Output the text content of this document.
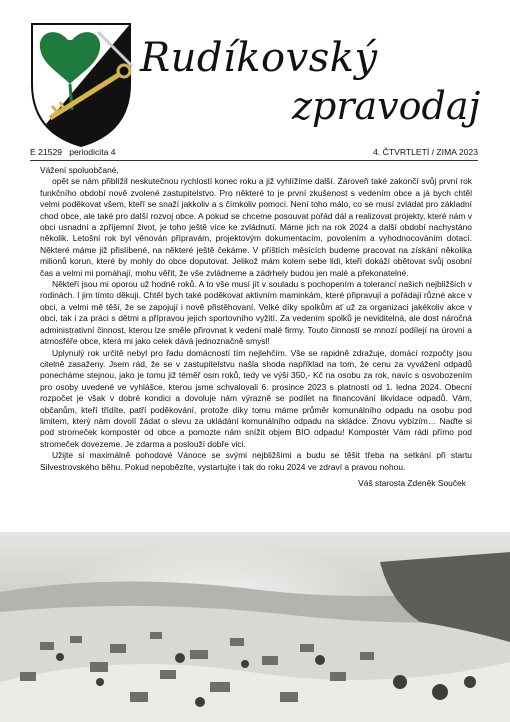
Rudíkovský
zpravodaj
E 21529 periodicita 4	4. ČTVRTLETÍ / ZIMA 2023

Vážení spoluobčané,

opět se nám přiblížil neskutečnou rychlostí konec roku a již vyhlížíme další. Zároveň také zakončí svůj první rok funkčního období nově zvolené zastupitelstvo. Pro některé to je první zkušenost s vedením obce a já bych chtěl velmi poděkovat všem, kteří se snaží jakkoliv a s čímkoliv pomoci. Není toho málo, co se musí zvládat pro základní chod obce, ale také pro další rozvoj obce. A pokud se chceme posouvat pořád dál a realizovat projekty, které nám v obci usnadní a zpříjemní život, je toho ještě více ke zvládnutí. Máme jich na rok 2024 a další období nachystáno několik. Letošní rok byl věnován přípravám, projektovým dokumentacím, povolením a vyhodnocováním dotací. Některé máme již přislíbené, na některé ještě čekáme. V příštích měsících budeme pracovat na získání několika milionů korun, které by mohly do obce doputovat. Jelikož mám kolem sebe lidi, kteří dokáží obětovat svůj osobní čas a velmi mi pomáhají, mohu věřit, že vše zvládneme a zádrhely budou jen malé a překonatelné.

Někteří jsou mi oporou už hodně roků. A to vše musí jít v souladu s pochopením a tolerancí našich nejbližších v rodinách. I jim tímto děkuji. Chtěl bych také poděkovat aktivním maminkám, které připravují a pořádají různé akce v obci, a velmi mě těší, že se zapojují i nově přistěhovaní. Velké díky spolkům ať už za organizaci jakékoliv akce v obci, tak i za práci s dětmi a přípravou jejich sportovního vyžití. Za vedením spolků je neviditelná, ale dost náročná administrativní činnost, kterou lze směle přirovnat k vedení malé firmy. Touto činností se mnozí podílejí na úrovni a atmosféře obce, která mi jako celek dává jednoznačně smysl!

Uplynulý rok určitě nebyl pro řadu domácností tím nejlehčím. Vše se rapidně zdražuje, domácí rozpočty jsou citelně zasaženy. Jsem rád, že se v zastupitelstvu našla shoda například na tom, že cenu za vyvážení odpadů ponecháme stejnou, jako je tomu již téměř osm roků, tedy ve výši 350,- Kč na osobu za rok, navíc s osvobozením pro osoby uvedené ve vyhlášce, kterou jsme schvalovali 6. prosince 2023 s platností od 1. ledna 2024. Obecní rozpočet je však v dobré kondici a dovoluje nám výrazně se podílet na financování likvidace odpadů. Vám, občanům, kteří třídíte, patří poděkování, protože díky tomu máme průměr komunálního odpadu na osobu pod limitem, který nám dovolí žádat o slevu za ukládání komunálního odpadu na skládce. Znovu vybízím… Naďte si pod stromeček kompostér od obce a pomozte nám snížit objem BIO odpadu! Kompostér Vám rádi přímo pod stromeček dovezeme. Je zdarma a poslouží dobře vici.

Užijte si maximálně pohodové Vánoce se svými nejbližšími a budu se těšit třeba na setkání při startu Silvestrovského běhu. Pokud nepobězíte, vystartujte i tak do roku 2024 ve zdraví a pravou nohou.

Váš starosta Zdeněk Souček
